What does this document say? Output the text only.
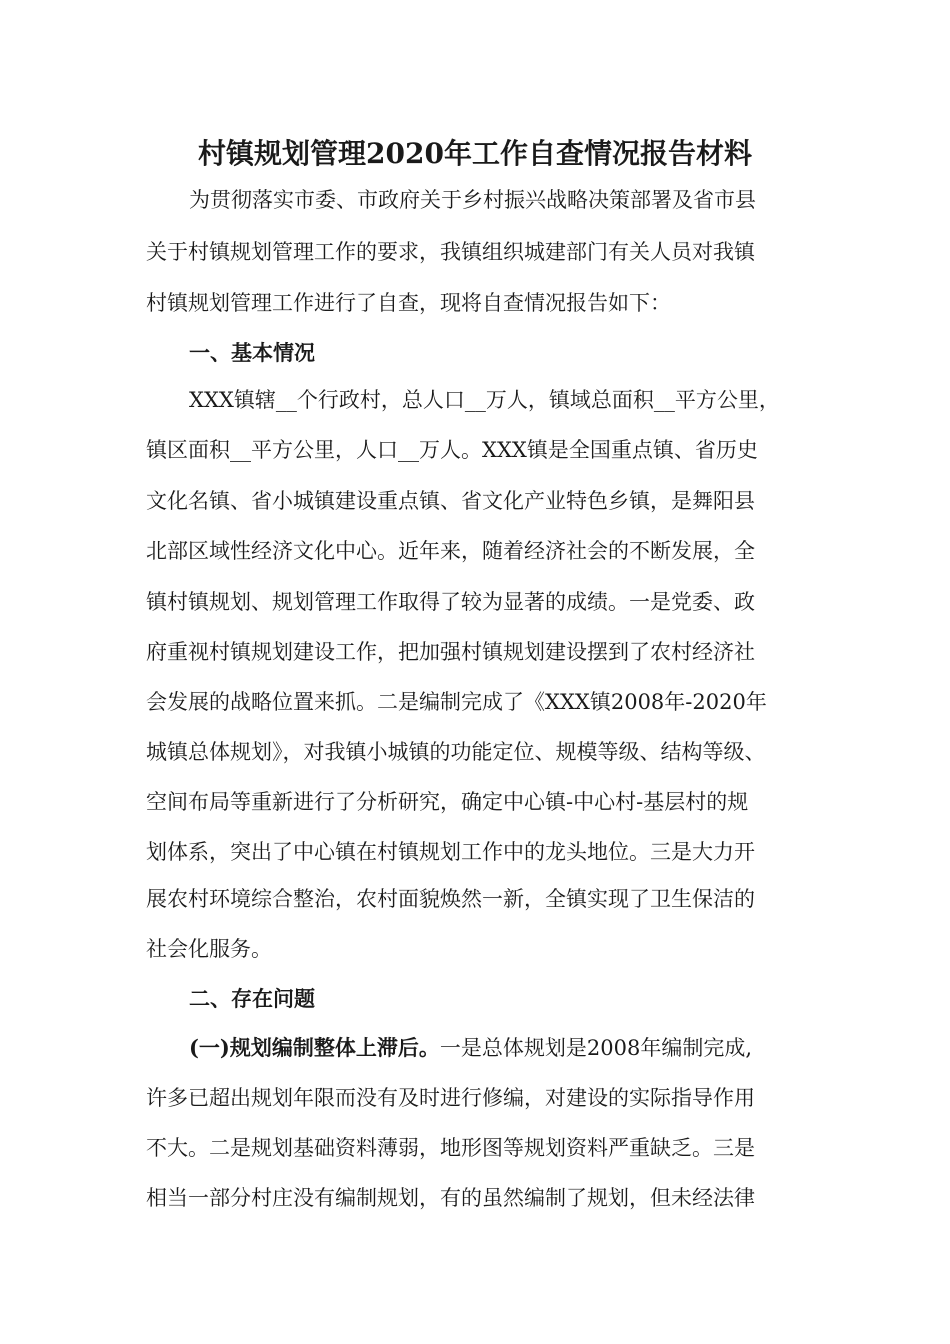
村镇规划管理2020年工作自查情况报告材料
为贯彻落实市委、市政府关于乡村振兴战略决策部署及省市县
关于村镇规划管理工作的要求，我镇组织城建部门有关人员对我镇
村镇规划管理工作进行了自查，现将自查情况报告如下：
一、基本情况
XXX镇辖__个行政村，总人口__万人，镇域总面积__平方公里，
镇区面积__平方公里，人口__万人。XXX镇是全国重点镇、省历史
文化名镇、省小城镇建设重点镇、省文化产业特色乡镇，是舞阳县
北部区域性经济文化中心。近年来，随着经济社会的不断发展，全
镇村镇规划、规划管理工作取得了较为显著的成绩。一是党委、政
府重视村镇规划建设工作，把加强村镇规划建设摆到了农村经济社
会发展的战略位置来抓。二是编制完成了《XXX镇2008年-2020年
城镇总体规划》，对我镇小城镇的功能定位、规模等级、结构等级、
空间布局等重新进行了分析研究，确定中心镇-中心村-基层村的规
划体系，突出了中心镇在村镇规划工作中的龙头地位。三是大力开
展农村环境综合整治，农村面貌焕然一新，全镇实现了卫生保洁的
社会化服务。
二、存在问题
(一)规划编制整体上滞后。一是总体规划是2008年编制完成,
许多已超出规划年限而没有及时进行修编，对建设的实际指导作用
不大。二是规划基础资料薄弱，地形图等规划资料严重缺乏。三是
相当一部分村庄没有编制规划，有的虽然编制了规划，但未经法律
